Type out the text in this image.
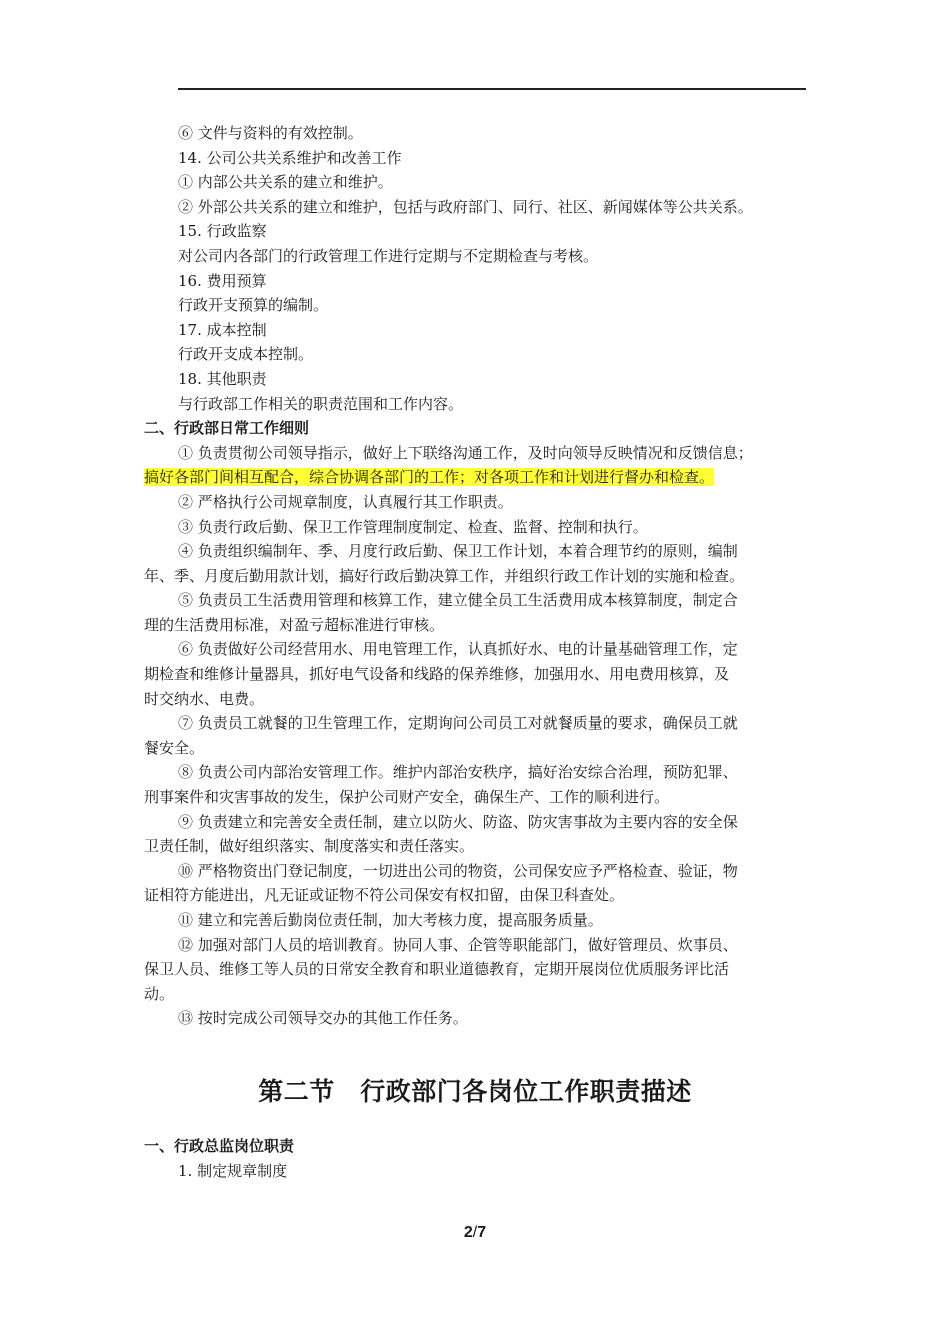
⑥ 文件与资料的有效控制。
14. 公司公共关系维护和改善工作
① 内部公共关系的建立和维护。
② 外部公共关系的建立和维护，包括与政府部门、同行、社区、新闻媒体等公共关系。
15. 行政监察
对公司内各部门的行政管理工作进行定期与不定期检查与考核。
16. 费用预算
行政开支预算的编制。
17. 成本控制
行政开支成本控制。
18. 其他职责
与行政部工作相关的职责范围和工作内容。
二、行政部日常工作细则
① 负责贯彻公司领导指示，做好上下联络沟通工作，及时向领导反映情况和反馈信息；
搞好各部门间相互配合，综合协调各部门的工作；对各项工作和计划进行督办和检查。
② 严格执行公司规章制度，认真履行其工作职责。
③ 负责行政后勤、保卫工作管理制度制定、检查、监督、控制和执行。
④ 负责组织编制年、季、月度行政后勤、保卫工作计划，本着合理节约的原则，编制
年、季、月度后勤用款计划，搞好行政后勤决算工作，并组织行政工作计划的实施和检查。
⑤ 负责员工生活费用管理和核算工作，建立健全员工生活费用成本核算制度，制定合
理的生活费用标准，对盈亏超标准进行审核。
⑥ 负责做好公司经营用水、用电管理工作，认真抓好水、电的计量基础管理工作，定
期检查和维修计量器具，抓好电气设备和线路的保养维修，加强用水、用电费用核算，及
时交纳水、电费。
⑦ 负责员工就餐的卫生管理工作，定期询问公司员工对就餐质量的要求，确保员工就
餐安全。
⑧ 负责公司内部治安管理工作。维护内部治安秩序，搞好治安综合治理，预防犯罪、
刑事案件和灾害事故的发生，保护公司财产安全，确保生产、工作的顺利进行。
⑨ 负责建立和完善安全责任制，建立以防火、防盗、防灾害事故为主要内容的安全保
卫责任制，做好组织落实、制度落实和责任落实。
⑩ 严格物资出门登记制度，一切进出公司的物资，公司保安应予严格检查、验证，物
证相符方能进出，凡无证或证物不符公司保安有权扣留，由保卫科查处。
⑪ 建立和完善后勤岗位责任制，加大考核力度，提高服务质量。
⑫ 加强对部门人员的培训教育。协同人事、企管等职能部门，做好管理员、炊事员、
保卫人员、维修工等人员的日常安全教育和职业道德教育，定期开展岗位优质服务评比活
动。
⑬ 按时完成公司领导交办的其他工作任务。
第二节　行政部门各岗位工作职责描述
一、行政总监岗位职责
1. 制定规章制度
2/7
